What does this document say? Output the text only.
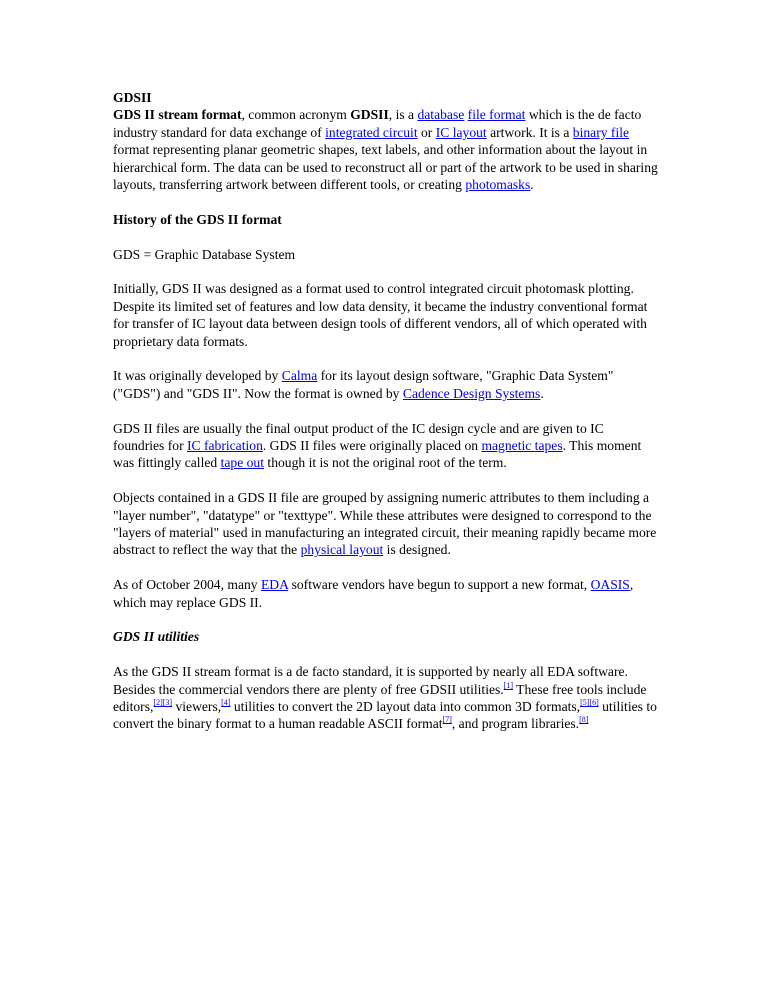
GDSII

GDS II stream format, common acronym GDSII, is a database file format which is the de facto industry standard for data exchange of integrated circuit or IC layout artwork. It is a binary file format representing planar geometric shapes, text labels, and other information about the layout in hierarchical form. The data can be used to reconstruct all or part of the artwork to be used in sharing layouts, transferring artwork between different tools, or creating photomasks.

History of the GDS II format

GDS = Graphic Database System

Initially, GDS II was designed as a format used to control integrated circuit photomask plotting. Despite its limited set of features and low data density, it became the industry conventional format for transfer of IC layout data between design tools of different vendors, all of which operated with proprietary data formats.

It was originally developed by Calma for its layout design software, "Graphic Data System" ("GDS") and "GDS II". Now the format is owned by Cadence Design Systems.

GDS II files are usually the final output product of the IC design cycle and are given to IC foundries for IC fabrication. GDS II files were originally placed on magnetic tapes. This moment was fittingly called tape out though it is not the original root of the term.

Objects contained in a GDS II file are grouped by assigning numeric attributes to them including a "layer number", "datatype" or "texttype". While these attributes were designed to correspond to the "layers of material" used in manufacturing an integrated circuit, their meaning rapidly became more abstract to reflect the way that the physical layout is designed.

As of October 2004, many EDA software vendors have begun to support a new format, OASIS, which may replace GDS II.

GDS II utilities

As the GDS II stream format is a de facto standard, it is supported by nearly all EDA software. Besides the commercial vendors there are plenty of free GDSII utilities.[1] These free tools include editors,[2][3] viewers,[4] utilities to convert the 2D layout data into common 3D formats,[5][6] utilities to convert the binary format to a human readable ASCII format[7], and program libraries.[8]
